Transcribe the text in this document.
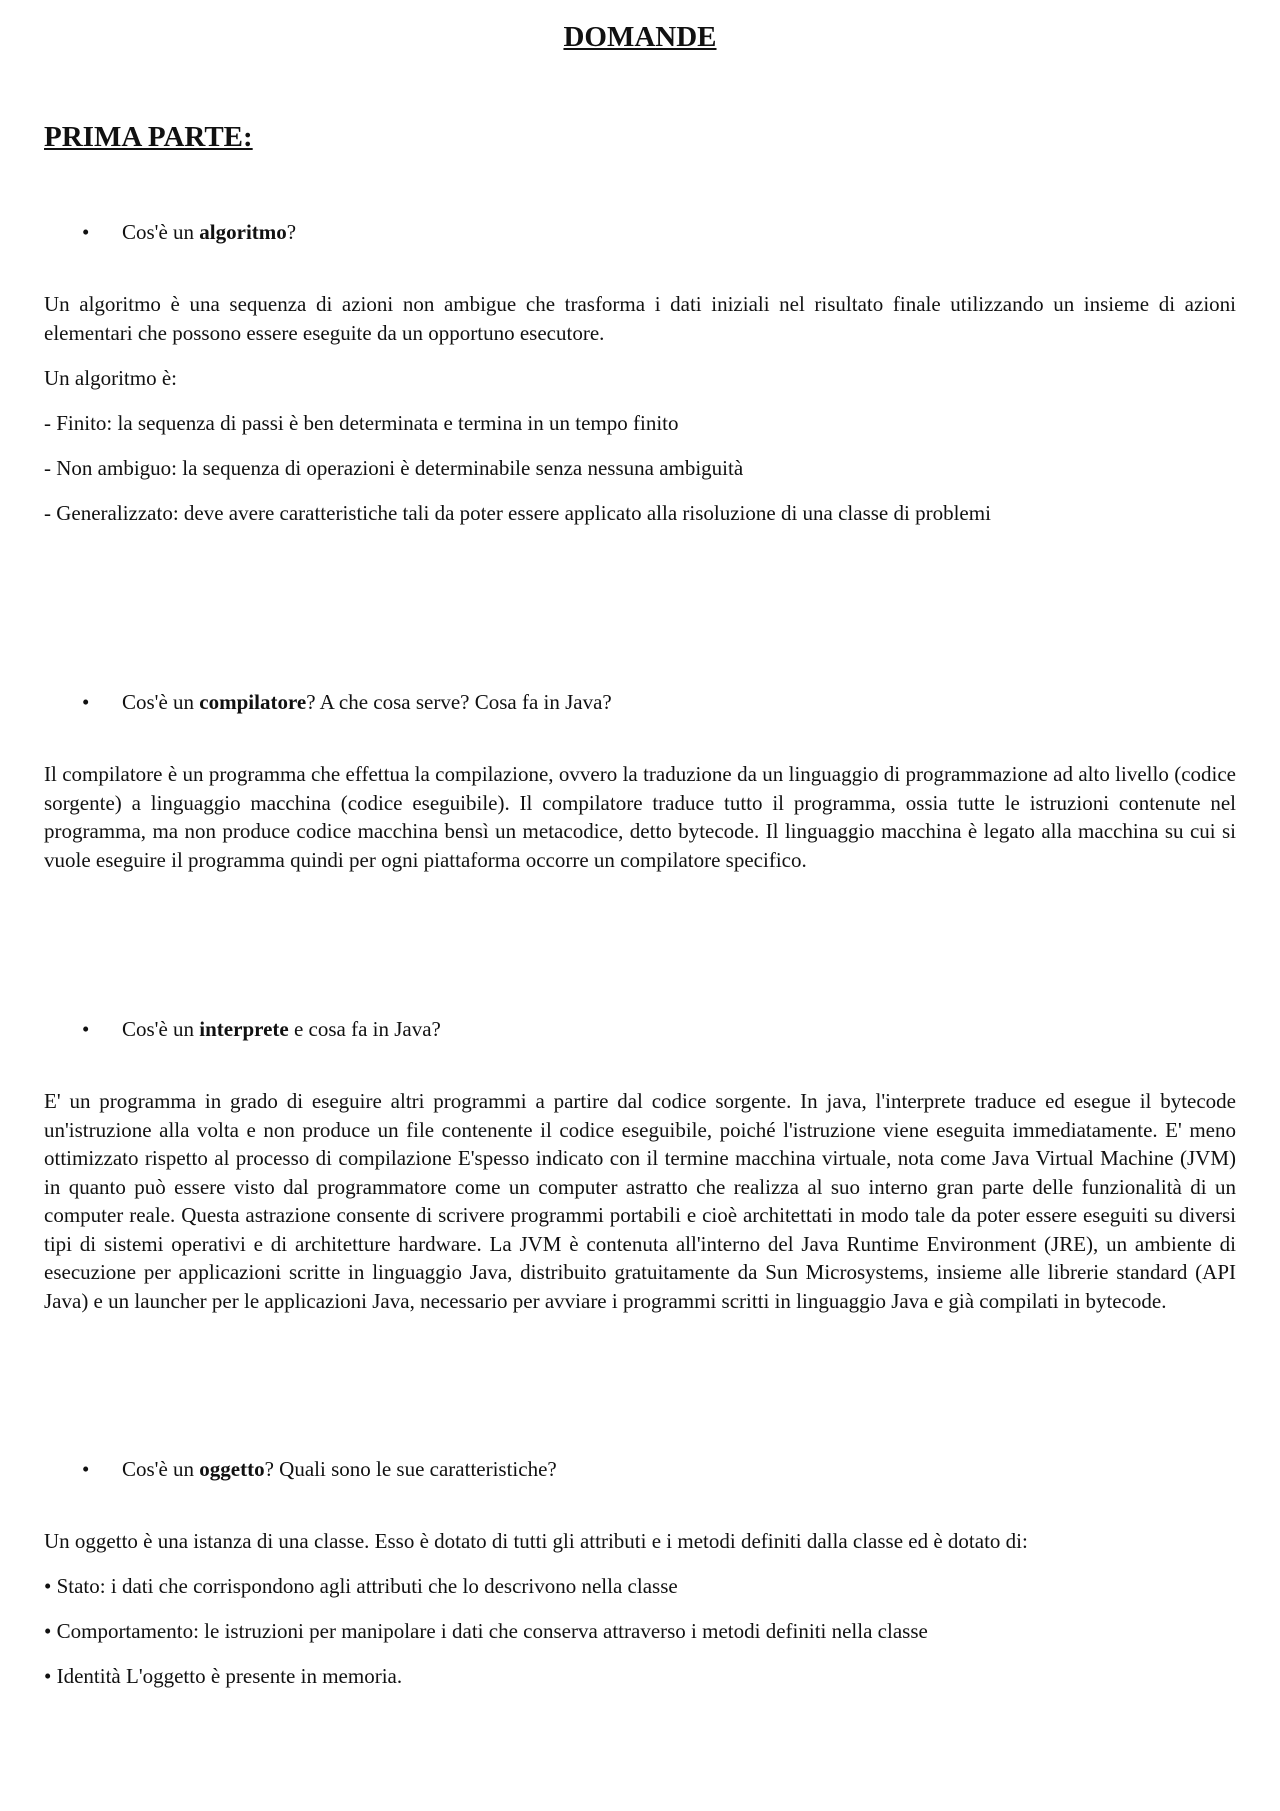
DOMANDE
PRIMA PARTE:

• Cos'è un algoritmo?

Un algoritmo è una sequenza di azioni non ambigue che trasforma i dati iniziali nel risultato finale utilizzando un insieme di azioni elementari che possono essere eseguite da un opportuno esecutore.

Un algoritmo è:

- Finito: la sequenza di passi è ben determinata e termina in un tempo finito

- Non ambiguo: la sequenza di operazioni è determinabile senza nessuna ambiguità

- Generalizzato: deve avere caratteristiche tali da poter essere applicato alla risoluzione di una classe di problemi

• Cos'è un compilatore? A che cosa serve? Cosa fa in Java?

Il compilatore è un programma che effettua la compilazione, ovvero la traduzione da un linguaggio di programmazione ad alto livello (codice sorgente) a linguaggio macchina (codice eseguibile). Il compilatore traduce tutto il programma, ossia tutte le istruzioni contenute nel programma, ma non produce codice macchina bensì un metacodice, detto bytecode. Il linguaggio macchina è legato alla macchina su cui si vuole eseguire il programma quindi per ogni piattaforma occorre un compilatore specifico.

• Cos'è un interprete e cosa fa in Java?

E' un programma in grado di eseguire altri programmi a partire dal codice sorgente. In java, l'interprete traduce ed esegue il bytecode un'istruzione alla volta e non produce un file contenente il codice eseguibile, poiché l'istruzione viene eseguita immediatamente. E' meno ottimizzato rispetto al processo di compilazione E'spesso indicato con il termine macchina virtuale, nota come Java Virtual Machine (JVM) in quanto può essere visto dal programmatore come un computer astratto che realizza al suo interno gran parte delle funzionalità di un computer reale. Questa astrazione consente di scrivere programmi portabili e cioè architettati in modo tale da poter essere eseguiti su diversi tipi di sistemi operativi e di architetture hardware. La JVM è contenuta all'interno del Java Runtime Environment (JRE), un ambiente di esecuzione per applicazioni scritte in linguaggio Java, distribuito gratuitamente da Sun Microsystems, insieme alle librerie standard (API Java) e un launcher per le applicazioni Java, necessario per avviare i programmi scritti in linguaggio Java e già compilati in bytecode.

• Cos'è un oggetto? Quali sono le sue caratteristiche?

Un oggetto è una istanza di una classe. Esso è dotato di tutti gli attributi e i metodi definiti dalla classe ed è dotato di:

• Stato: i dati che corrispondono agli attributi che lo descrivono nella classe

• Comportamento: le istruzioni per manipolare i dati che conserva attraverso i metodi definiti nella classe

• Identità L'oggetto è presente in memoria.
